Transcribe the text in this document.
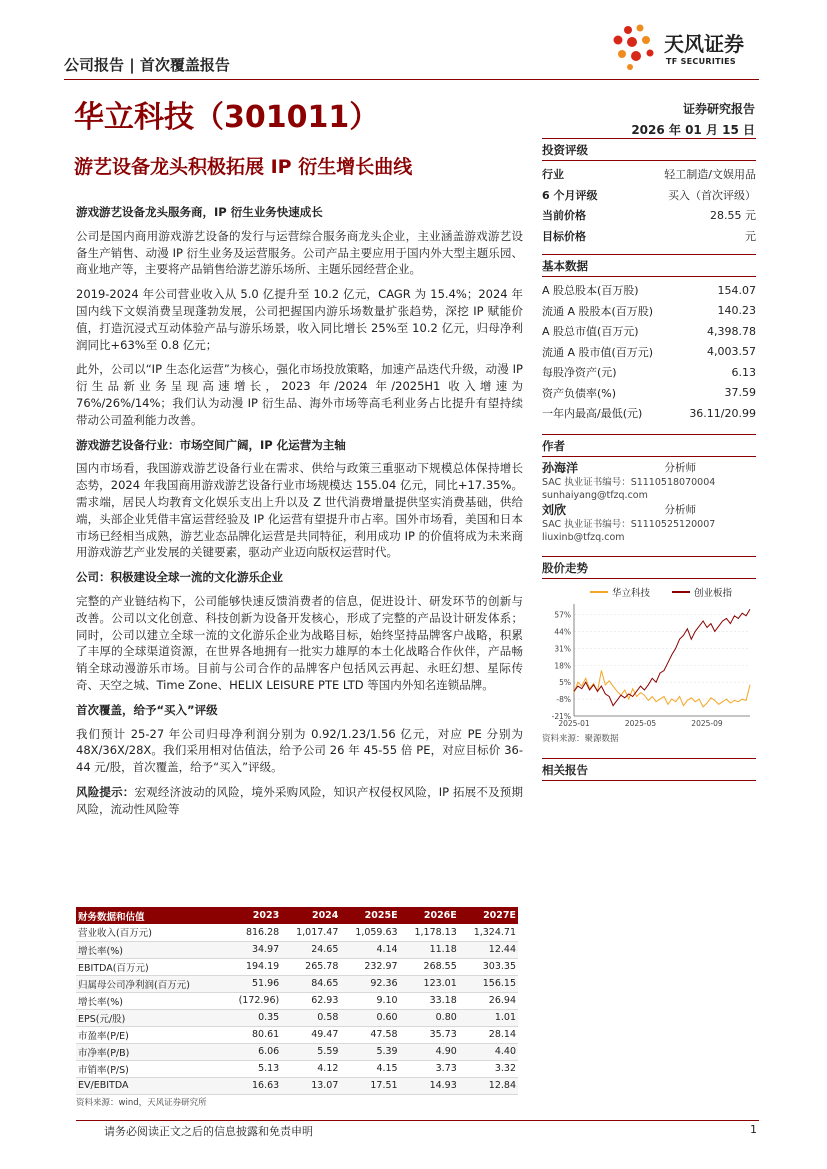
公司报告 | 首次覆盖报告
天风证券
TF SECURITIES
华立科技（301011）
游艺设备龙头积极拓展 IP 衍生增长曲线
证券研究报告
2026 年 01 月 15 日
游戏游艺设备龙头服务商，IP 衍生业务快速成长

公司是国内商用游戏游艺设备的发行与运营综合服务商龙头企业，主业涵盖游戏游艺设备生产销售、动漫 IP 衍生业务及运营服务。公司产品主要应用于国内外大型主题乐园、商业地产等，主要将产品销售给游艺游乐场所、主题乐园经营企业。

2019-2024 年公司营业收入从 5.0 亿提升至 10.2 亿元，CAGR 为 15.4%；2024 年国内线下文娱消费呈现蓬勃发展，公司把握国内游乐场数量扩张趋势，深挖 IP 赋能价值，打造沉浸式互动体验产品与游乐场景，收入同比增长 25%至 10.2 亿元，归母净利润同比+63%至 0.8 亿元；

此外，公司以“IP 生态化运营”为核心，强化市场投放策略，加速产品迭代升级，动漫 IP 衍生品新业务呈现高速增长，2023 年/2024 年/2025H1 收入增速为 76%/26%/14%；我们认为动漫 IP 衍生品、海外市场等高毛利业务占比提升有望持续带动公司盈利能力改善。

游戏游艺设备行业：市场空间广阔，IP 化运营为主轴

国内市场看，我国游戏游艺设备行业在需求、供给与政策三重驱动下规模总体保持增长态势，2024 年我国商用游戏游艺设备行业市场规模达 155.04 亿元，同比+17.35%。需求端，居民人均教育文化娱乐支出上升以及 Z 世代消费增量提供坚实消费基础，供给端，头部企业凭借丰富运营经验及 IP 化运营有望提升市占率。国外市场看，美国和日本市场已经相当成熟，游艺业态品牌化运营是共同特征，利用成功 IP 的价值将成为未来商用游戏游艺产业发展的关键要素，驱动产业迈向版权运营时代。

公司：积极建设全球一流的文化游乐企业

完整的产业链结构下，公司能够快速反馈消费者的信息，促进设计、研发环节的创新与改善。公司以文化创意、科技创新为设备开发核心，形成了完整的产品设计研发体系；同时，公司以建立全球一流的文化游乐企业为战略目标，始终坚持品牌客户战略，积累了丰厚的全球渠道资源，在世界各地拥有一批实力雄厚的本土化战略合作伙伴，产品畅销全球动漫游乐市场。目前与公司合作的品牌客户包括风云再起、永旺幻想、星际传奇、天空之城、Time Zone、HELIX LEISURE PTE LTD 等国内外知名连锁品牌。

首次覆盖，给予“买入”评级

我们预计 25-27 年公司归母净利润分别为 0.92/1.23/1.56 亿元，对应 PE 分别为 48X/36X/28X。我们采用相对估值法，给予公司 26 年 45-55 倍 PE，对应目标价 36-44 元/股，首次覆盖，给予“买入”评级。

风险提示：宏观经济波动的风险，境外采购风险，知识产权侵权风险，IP 拓展不及预期风险，流动性风险等

投资评级
行业	轻工制造/文娱用品
6 个月评级	买入（首次评级）
当前价格	28.55 元
目标价格	元
基本数据
A 股总股本(百万股)	154.07
流通 A 股股本(百万股)	140.23
A 股总市值(百万元)	4,398.78
流通 A 股市值(百万元)	4,003.57
每股净资产(元)	6.13
资产负债率(%)	37.59
一年内最高/最低(元)	36.11/20.99
作者
孙海洋	分析师
SAC 执业证书编号：S1110518070004
sunhaiyang@tfzq.com
刘欣	分析师
SAC 执业证书编号：S1110525120007
liuxinb@tfzq.com
股价走势
华立科技	创业板指
57%
44%
31%
18%
5%
-8%
-21%
2025-01	2025-05	2025-09
资料来源：聚源数据
相关报告
财务数据和估值	2023	2024	2025E	2026E	2027E
营业收入(百万元)	816.28	1,017.47	1,059.63	1,178.13	1,324.71
增长率(%)	34.97	24.65	4.14	11.18	12.44
EBITDA(百万元)	194.19	265.78	232.97	268.55	303.35
归属母公司净利润(百万元)	51.96	84.65	92.36	123.01	156.15
增长率(%)	(172.96)	62.93	9.10	33.18	26.94
EPS(元/股)	0.35	0.58	0.60	0.80	1.01
市盈率(P/E)	80.61	49.47	47.58	35.73	28.14
市净率(P/B)	6.06	5.59	5.39	4.90	4.40
市销率(P/S)	5.13	4.12	4.15	3.73	3.32
EV/EBITDA	16.63	13.07	17.51	14.93	12.84
资料来源：wind，天风证券研究所
请务必阅读正文之后的信息披露和免责申明	1
